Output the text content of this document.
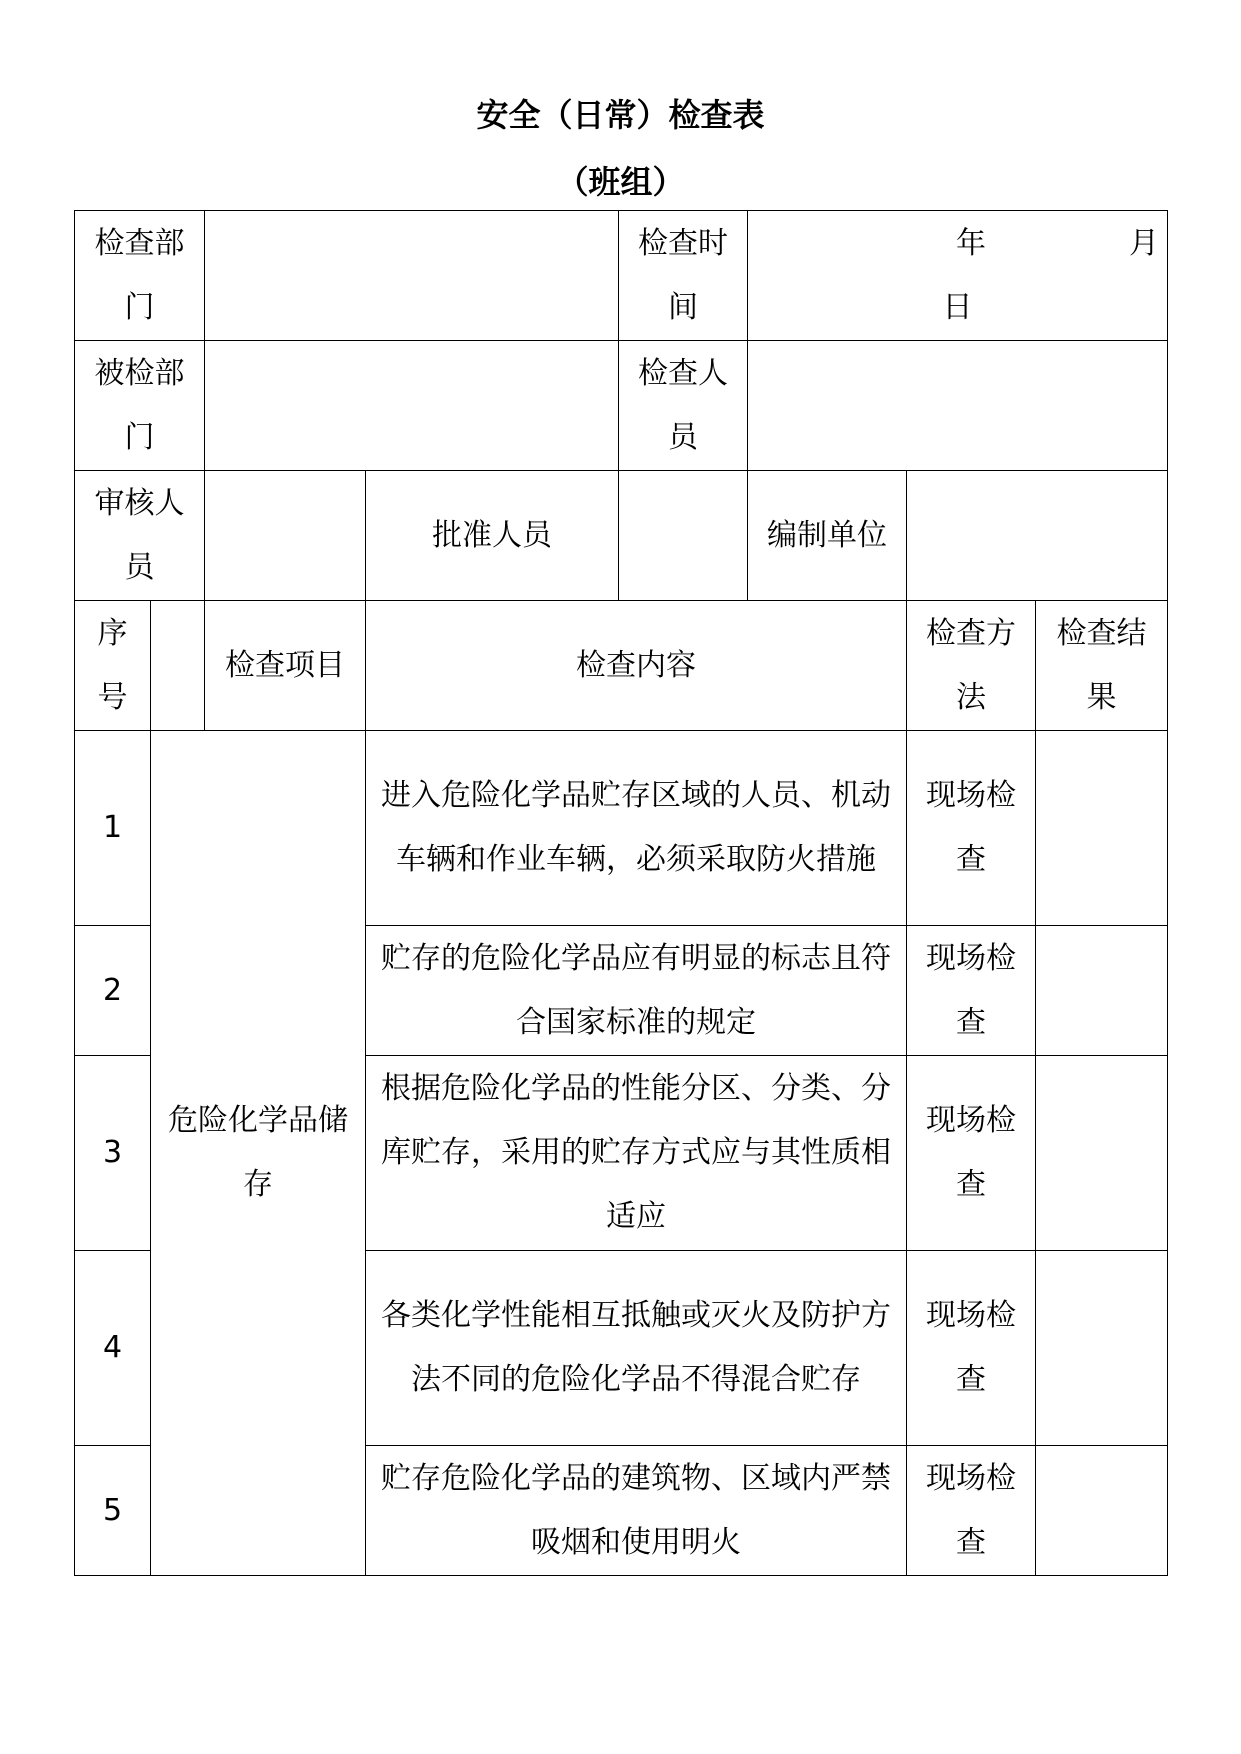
安全（日常）检查表
（班组）
检查部门				检查时间	年 月
日		

被检部门				检查人员			
审核人员			批准人员		编制单位		
序号		检查项目	检查内容			检查方法	检查结果
1	危险化学品储存		进入危险化学品贮存区域的人员、机动车辆和作业车辆，必须采取防火措施			现场检查	
2			贮存的危险化学品应有明显的标志且符合国家标准的规定			现场检查	
3			根据危险化学品的性能分区、分类、分库贮存，采用的贮存方式应与其性质相适应			现场检查	
4			各类化学性能相互抵触或灭火及防护方法不同的危险化学品不得混合贮存			现场检查	
5			贮存危险化学品的建筑物、区域内严禁吸烟和使用明火			现场检查	
